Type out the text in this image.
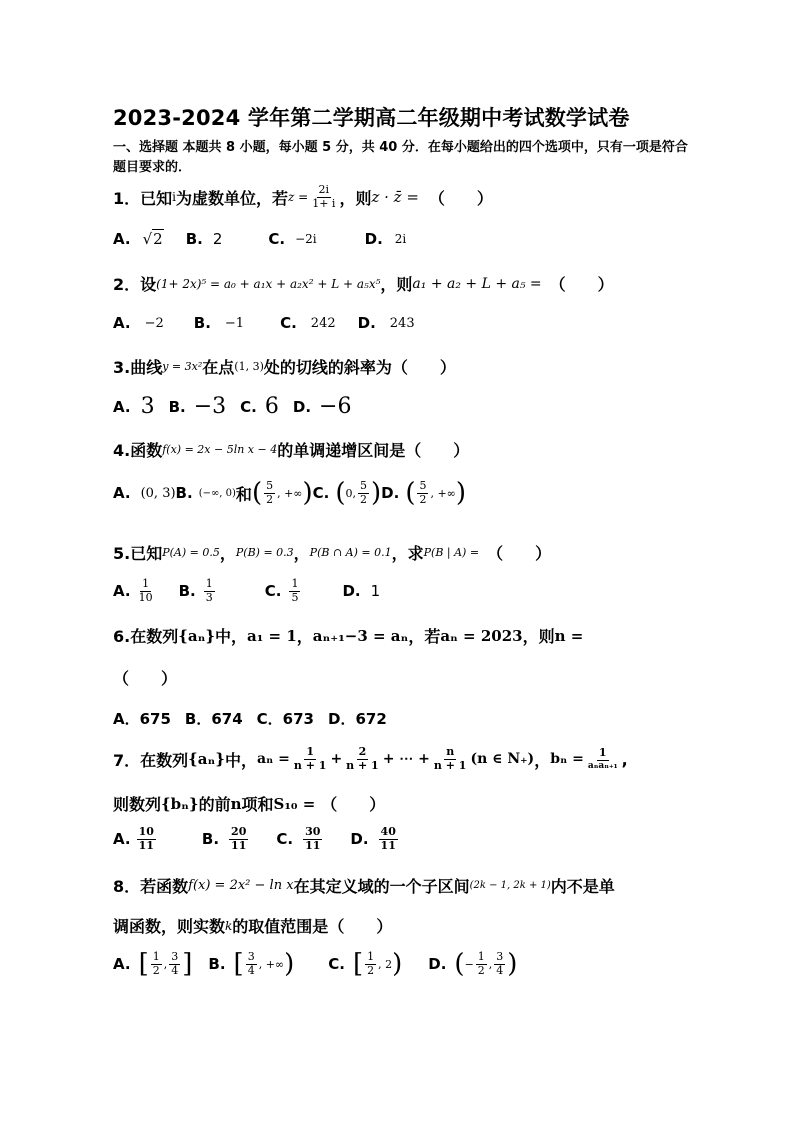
2023-2024 学年第二学期高二年级期中考试数学试卷
一、选择题 本题共 8 小题，每小题 5 分，共 40 分．在每小题给出的四个选项中，只有一项是符合题目要求的．
1．已知 i 为虚数单位，若 $z = \frac{2i}{1+ i}$ ，则 z · z̄ = （　　）
A. √2 B. 2	C. −2i	D. 2i
2．设 (1+ 2x)⁵ = a₀ + a₁x + a₂x² + L + a₅x⁵ ，则 a₁ + a₂ + L + a₅ = （　　）
A. −2 B. −1 C. 242 D. 243
3.曲线 y = 3x² 在点 (1, 3) 处的切线的斜率为 （　　）
A. 3 B. −3 C. 6 D. −6
4.函数 f(x) = 2x − 5ln x − 4 的单调递增区间是 （　　）
A. (0, 3) B. (−∞, 0) 和 ( $\frac{5}{2}$ , +∞ ) C. ( 0, $\frac{5}{2}$ ) D. ( $\frac{5}{2}$ , +∞ )
5.已知 P(A) = 0.5 ， P(B) = 0.3 ， P(B ∩ A) = 0.1 ，求 P(B | A) = （　　）
A. $\frac{1}{10} B$. $\frac{1}{3}$	C. $\frac{1}{5}$	D. 1
6.在数列 {aₙ} 中， a₁ = 1 ， aₙ₊₁−3 = aₙ ，若 aₙ = 2023 ，则 n =
（　　）
A．675 B．674 C．673 D．672
7．在数列 {aₙ} 中， $a_n = \frac{1}{n + 1} + \frac{2}{n + 1}$ + ⋯ + $\frac{n}{n + 1} (n$ ∈ N₊) ， $b_n = \frac{1}{\text{aₙaₙ₊₁}}$ ,
则数列 {bₙ} 的前 n 项和 S₁₀ = （　　）
A. $\frac{10}{11}$	B. $\frac{20}{11} C$. $\frac{30}{11} D$. $\frac{40}{11}$
8．若函数 f(x) = 2x² − ln x 在其定义域的一个子区间 (2k − 1, 2k + 1) 内不是单
调函数，则实数 k 的取值范围是 （　　）
A. [ $\frac{1}{2}$ , $\frac{3}{4}$ ] B. [ $\frac{3}{4}$ , +∞ ) C. [ $\frac{1}{2}$ , 2 ) D. ( − $\frac{1}{2}$ , $\frac{3}{4}$ )
